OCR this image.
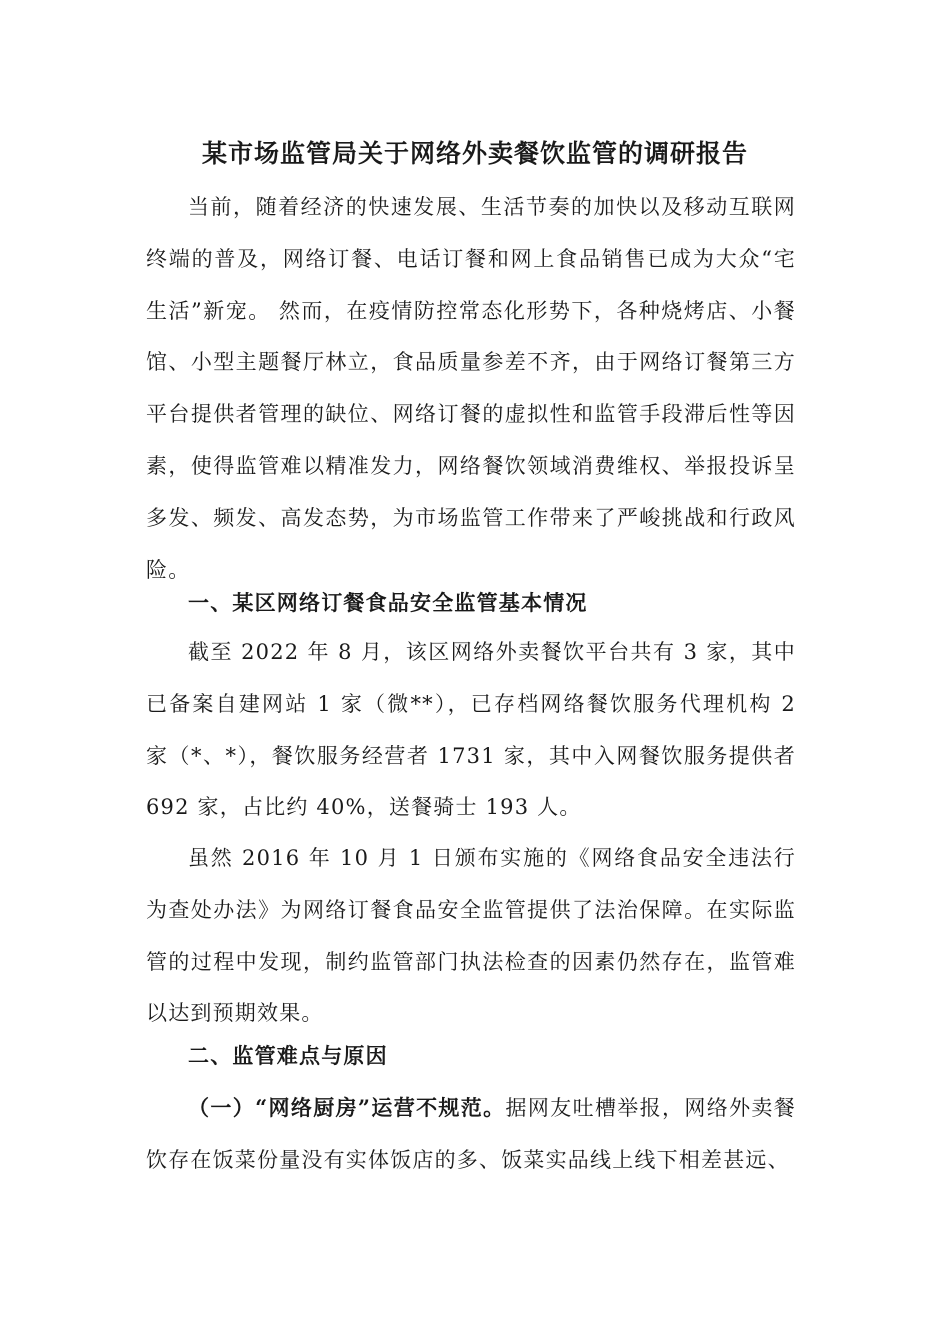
某市场监管局关于网络外卖餐饮监管的调研报告

当前，随着经济的快速发展、生活节奏的加快以及移动互联网终端的普及，网络订餐、电话订餐和网上食品销售已成为大众“宅生活”新宠。 然而，在疫情防控常态化形势下，各种烧烤店、小餐馆、小型主题餐厅林立，食品质量参差不齐，由于网络订餐第三方平台提供者管理的缺位、网络订餐的虚拟性和监管手段滞后性等因素，使得监管难以精准发力，网络餐饮领域消费维权、举报投诉呈多发、频发、高发态势，为市场监管工作带来了严峻挑战和行政风险。

一、某区网络订餐食品安全监管基本情况

截至 2022 年 8 月，该区网络外卖餐饮平台共有 3 家，其中已备案自建网站 1 家（微**），已存档网络餐饮服务代理机构 2 家（*、*），餐饮服务经营者 1731 家，其中入网餐饮服务提供者 692 家，占比约 40%，送餐骑士 193 人。

虽然 2016 年 10 月 1 日颁布实施的《网络食品安全违法行为查处办法》为网络订餐食品安全监管提供了法治保障。在实际监管的过程中发现，制约监管部门执法检查的因素仍然存在，监管难以达到预期效果。

二、监管难点与原因

（一）“网络厨房”运营不规范。据网友吐槽举报，网络外卖餐饮存在饭菜份量没有实体饭店的多、饭菜实品线上线下相差甚远、
